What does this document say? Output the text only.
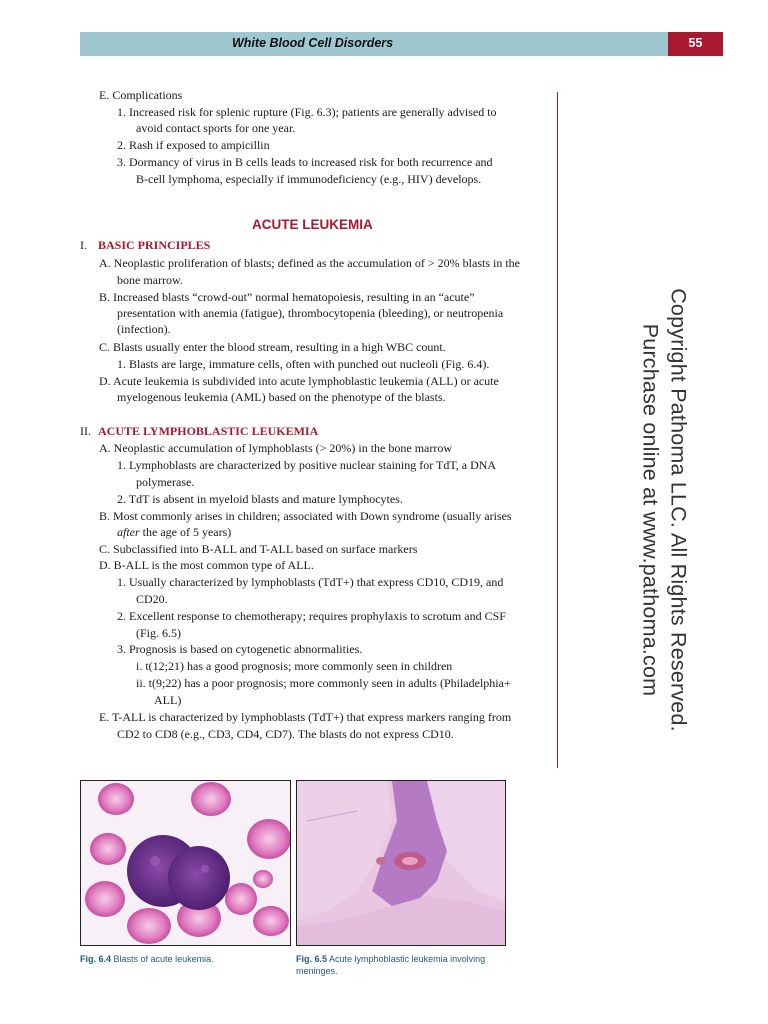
White Blood Cell Disorders	55
E. Complications
1. Increased risk for splenic rupture (Fig. 6.3); patients are generally advised to
avoid contact sports for one year.
2. Rash if exposed to ampicillin
3. Dormancy of virus in B cells leads to increased risk for both recurrence and
B-cell lymphoma, especially if immunodeficiency (e.g., HIV) develops.
ACUTE LEUKEMIA
I. BASIC PRINCIPLES
A. Neoplastic proliferation of blasts; defined as the accumulation of > 20% blasts in the
bone marrow.
B. Increased blasts “crowd-out” normal hematopoiesis, resulting in an “acute”
presentation with anemia (fatigue), thrombocytopenia (bleeding), or neutropenia
(infection).
C. Blasts usually enter the blood stream, resulting in a high WBC count.
1. Blasts are large, immature cells, often with punched out nucleoli (Fig. 6.4).
D. Acute leukemia is subdivided into acute lymphoblastic leukemia (ALL) or acute
myelogenous leukemia (AML) based on the phenotype of the blasts.
II. ACUTE LYMPHOBLASTIC LEUKEMIA
A. Neoplastic accumulation of lymphoblasts (> 20%) in the bone marrow
1. Lymphoblasts are characterized by positive nuclear staining for TdT, a DNA
polymerase.
2. TdT is absent in myeloid blasts and mature lymphocytes.
B. Most commonly arises in children; associated with Down syndrome (usually arises
after the age of 5 years)
C. Subclassified into B-ALL and T-ALL based on surface markers
D. B-ALL is the most common type of ALL.
1. Usually characterized by lymphoblasts (TdT+) that express CD10, CD19, and
CD20.
2. Excellent response to chemotherapy; requires prophylaxis to scrotum and CSF
(Fig. 6.5)
3. Prognosis is based on cytogenetic abnormalities.
i. t(12;21) has a good prognosis; more commonly seen in children
ii. t(9;22) has a poor prognosis; more commonly seen in adults (Philadelphia+
ALL)
E. T-ALL is characterized by lymphoblasts (TdT+) that express markers ranging from
CD2 to CD8 (e.g., CD3, CD4, CD7). The blasts do not express CD10.
Copyright Pathoma LLC. All Rights Reserved.
Purchase online at www.pathoma.com
Fig. 6.4 Blasts of acute leukemia.	Fig. 6.5 Acute lymphoblastic leukemia involving
meninges.
